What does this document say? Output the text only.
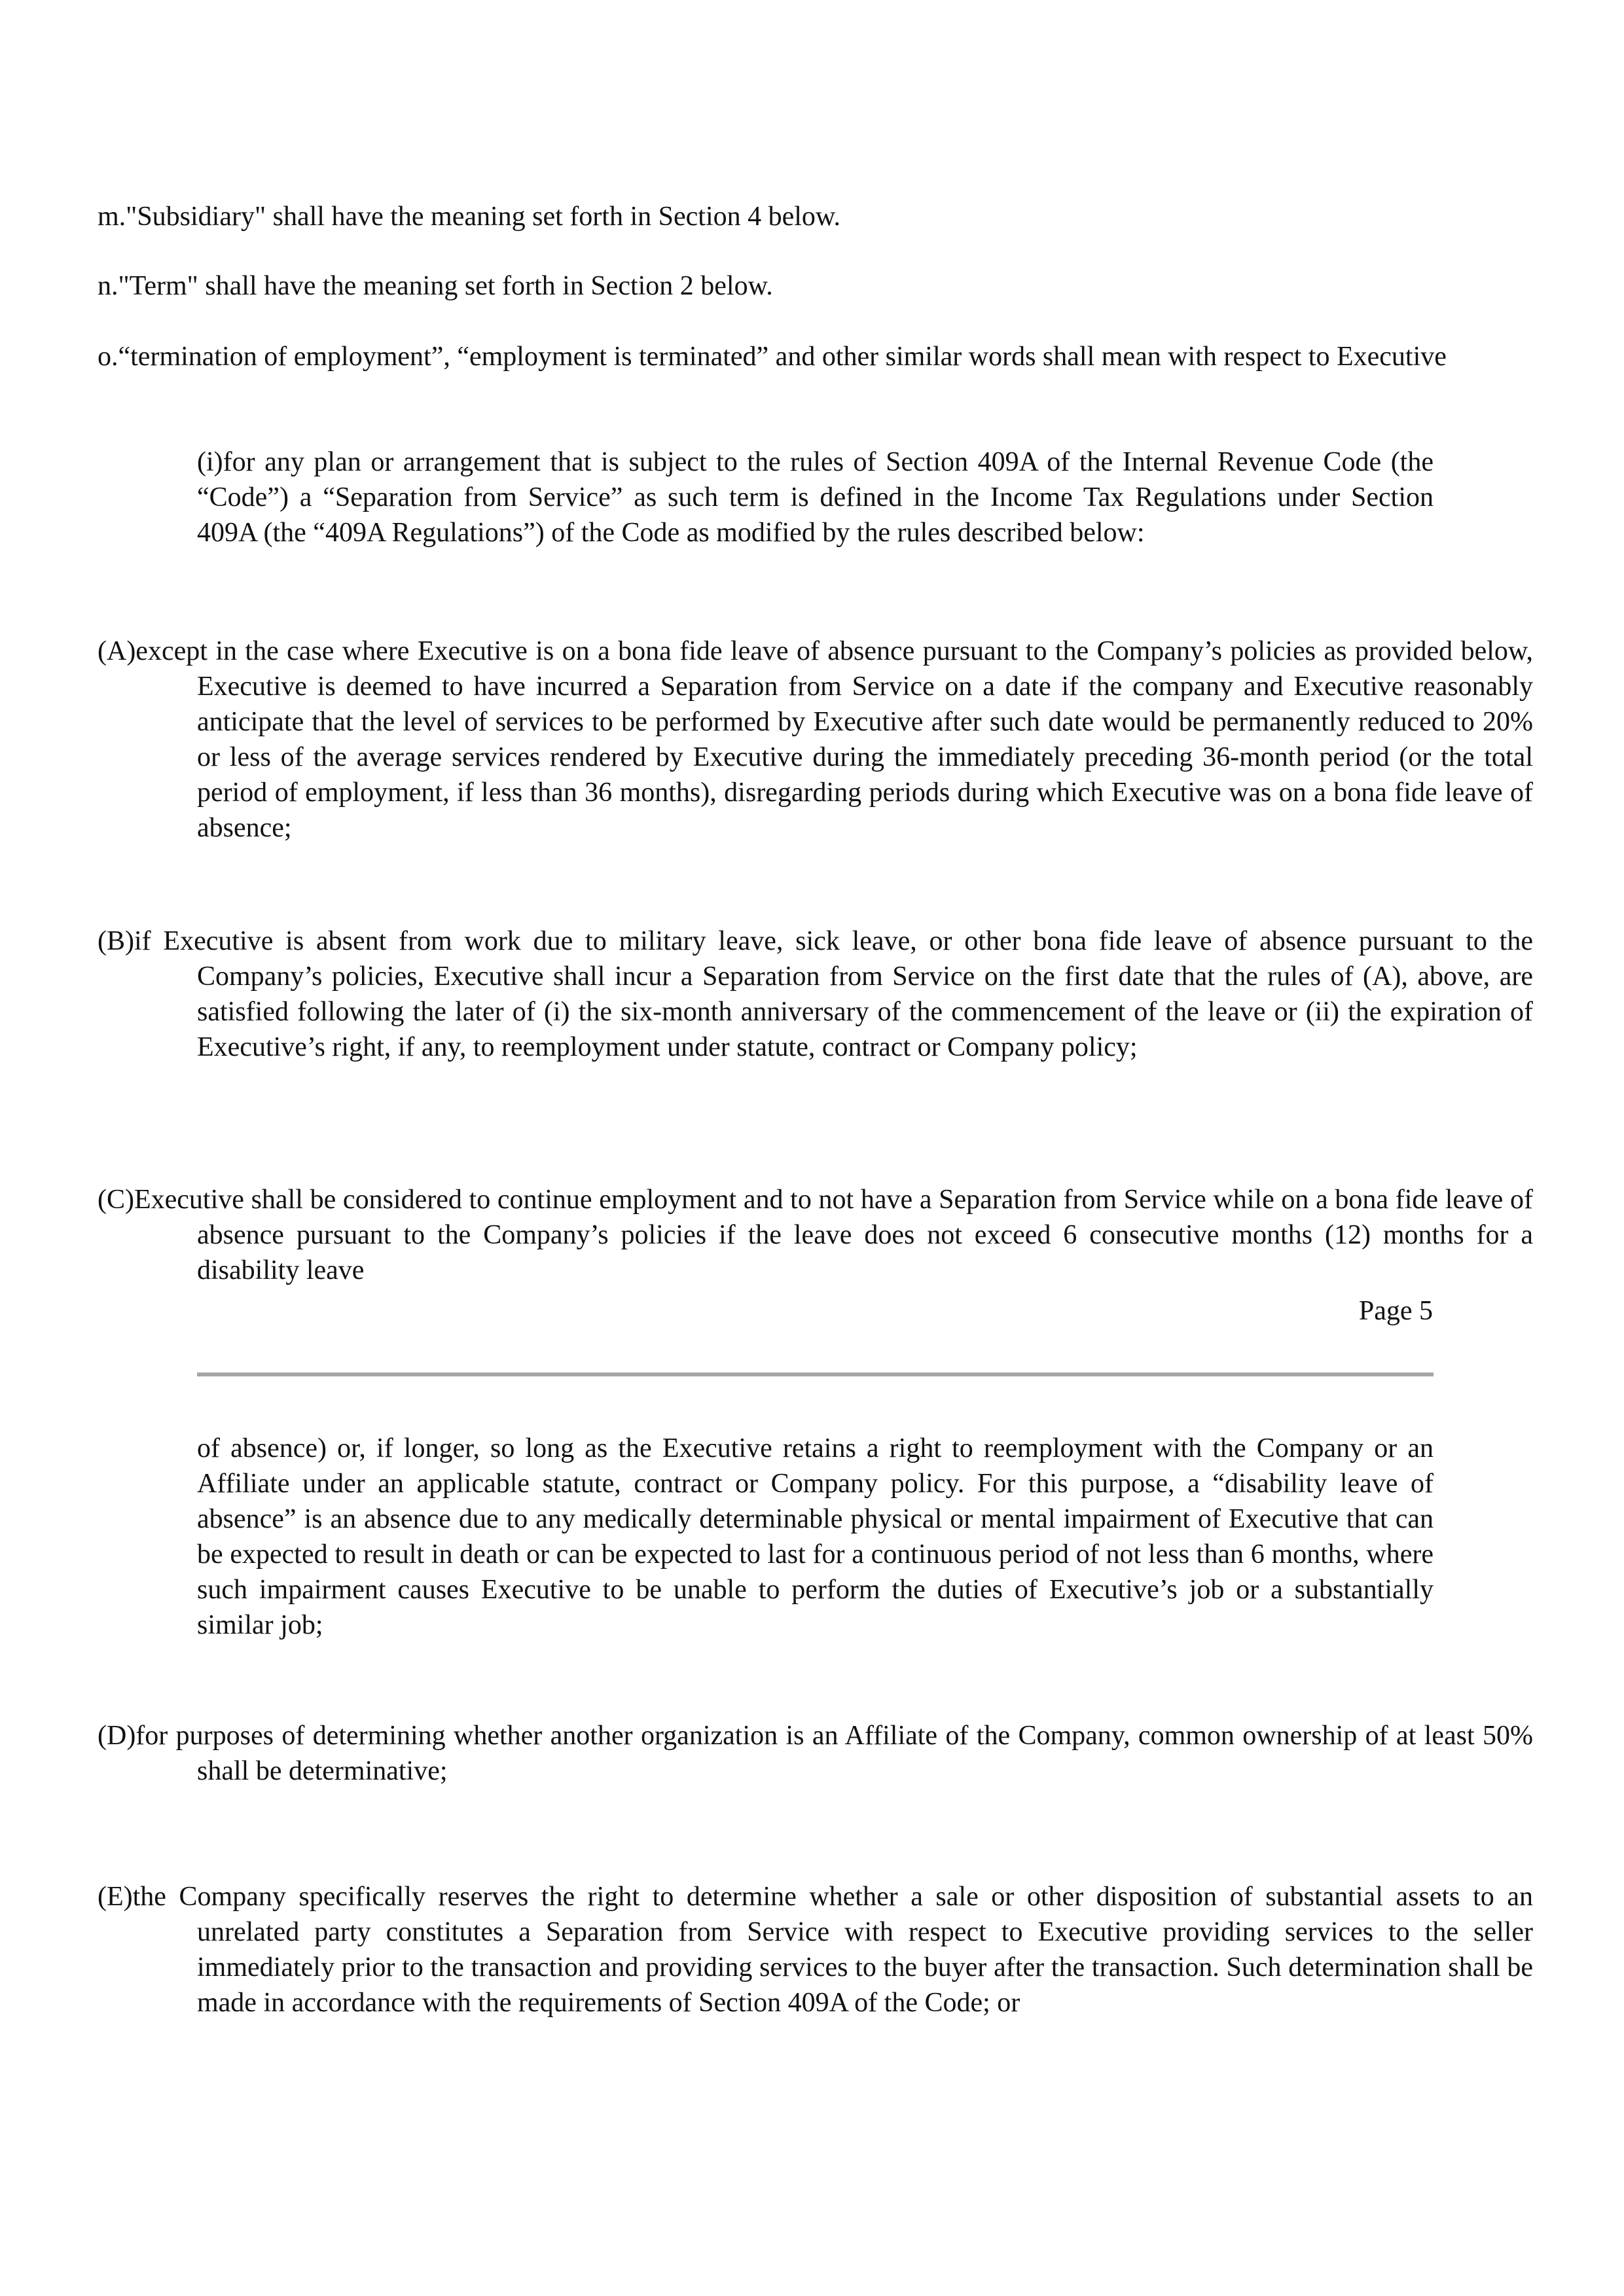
m."Subsidiary" shall have the meaning set forth in Section 4 below.

n."Term" shall have the meaning set forth in Section 2 below.

o.“termination of employment”, “employment is terminated” and other similar words shall mean with respect to Executive

(i)for any plan or arrangement that is subject to the rules of Section 409A of the Internal Revenue Code (the “Code”) a “Separation from Service” as such term is defined in the Income Tax Regulations under Section 409A (the “409A Regulations”) of the Code as modified by the rules described below:

(A)except in the case where Executive is on a bona fide leave of absence pursuant to the Company’s policies as provided below, Executive is deemed to have incurred a Separation from Service on a date if the company and Executive reasonably anticipate that the level of services to be performed by Executive after such date would be permanently reduced to 20% or less of the average services rendered by Executive during the immediately preceding 36-month period (or the total period of employment, if less than 36 months), disregarding periods during which Executive was on a bona fide leave of absence;

(B)if Executive is absent from work due to military leave, sick leave, or other bona fide leave of absence pursuant to the Company’s policies, Executive shall incur a Separation from Service on the first date that the rules of (A), above, are satisfied following the later of (i) the six-month anniversary of the commencement of the leave or (ii) the expiration of Executive’s right, if any, to reemployment under statute, contract or Company policy;

(C)Executive shall be considered to continue employment and to not have a Separation from Service while on a bona fide leave of absence pursuant to the Company’s policies if the leave does not exceed 6 consecutive months (12) months for a disability leave

Page 5

of absence) or, if longer, so long as the Executive retains a right to reemployment with the Company or an Affiliate under an applicable statute, contract or Company policy. For this purpose, a “disability leave of absence” is an absence due to any medically determinable physical or mental impairment of Executive that can be expected to result in death or can be expected to last for a continuous period of not less than 6 months, where such impairment causes Executive to be unable to perform the duties of Executive’s job or a substantially similar job;

(D)for purposes of determining whether another organization is an Affiliate of the Company, common ownership of at least 50% shall be determinative;

(E)the Company specifically reserves the right to determine whether a sale or other disposition of substantial assets to an unrelated party constitutes a Separation from Service with respect to Executive providing services to the seller immediately prior to the transaction and providing services to the buyer after the transaction. Such determination shall be made in accordance with the requirements of Section 409A of the Code; or
